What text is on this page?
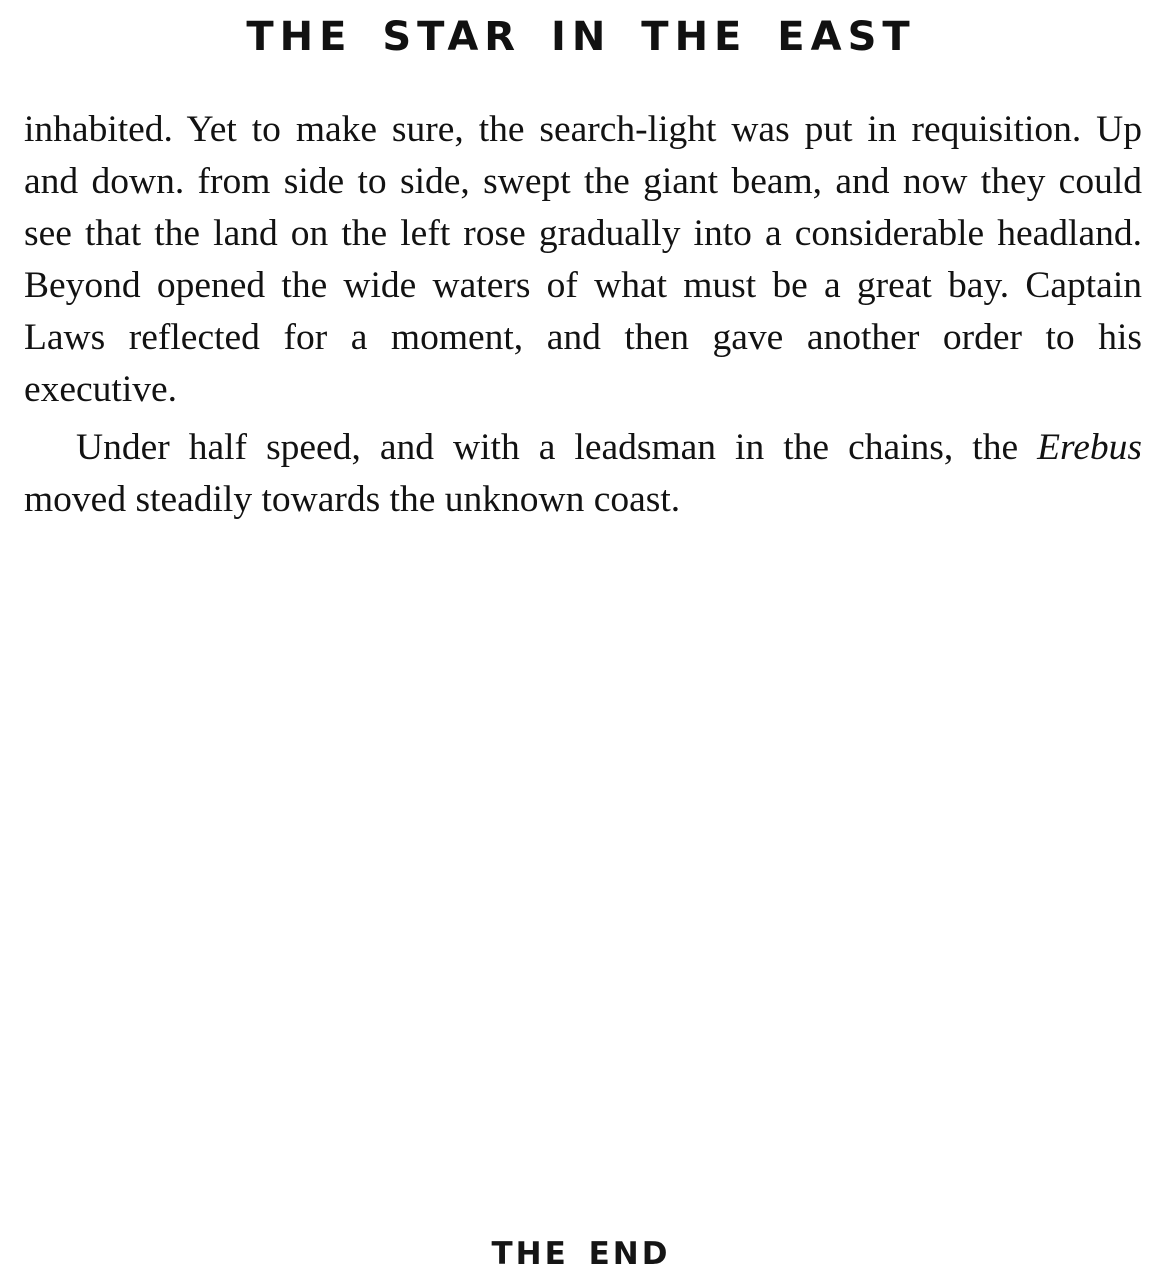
THE STAR IN THE EAST

inhabited. Yet to make sure, the search-light was put in requisition. Up and down. from side to side, swept the giant beam, and now they could see that the land on the left rose gradually into a considerable headland. Beyond opened the wide waters of what must be a great bay. Captain Laws reflected for a moment, and then gave another order to his executive.

Under half speed, and with a leadsman in the chains, the Erebus moved steadily towards the unknown coast.

THE END
